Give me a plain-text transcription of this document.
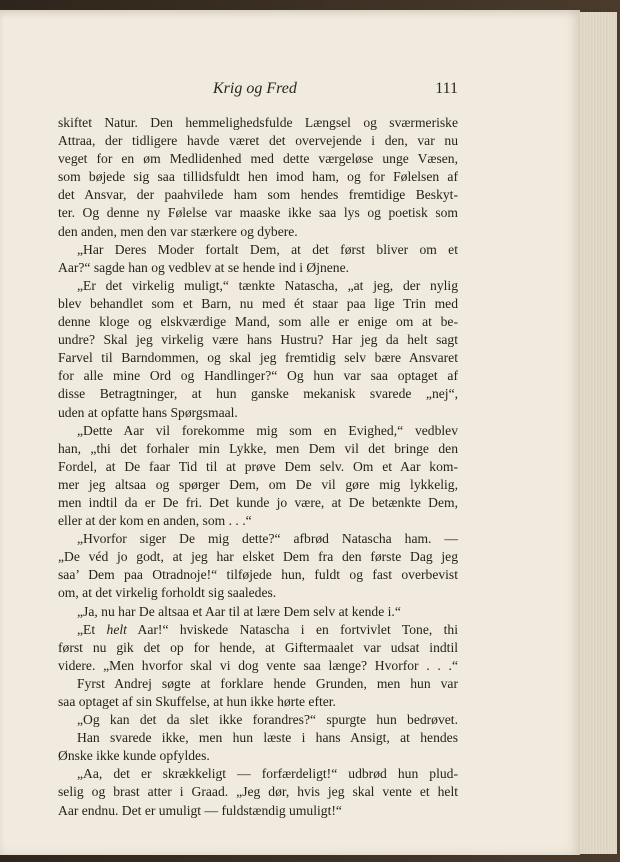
Krig og Fred	111
skiftet Natur. Den hemmelighedsfulde Længsel og sværmeriske
Attraa, der tidligere havde været det overvejende i den, var nu
veget for en øm Medlidenhed med dette værgeløse unge Væsen,
som bøjede sig saa tillidsfuldt hen imod ham, og for Følelsen af
det Ansvar, der paahvilede ham som hendes fremtidige Beskyt-
ter. Og denne ny Følelse var maaske ikke saa lys og poetisk som
den anden, men den var stærkere og dybere.
„Har Deres Moder fortalt Dem, at det først bliver om et
Aar?“ sagde han og vedblev at se hende ind i Øjnene.
„Er det virkelig muligt,“ tænkte Natascha, „at jeg, der nylig
blev behandlet som et Barn, nu med ét staar paa lige Trin med
denne kloge og elskværdige Mand, som alle er enige om at be-
undre? Skal jeg virkelig være hans Hustru? Har jeg da helt sagt
Farvel til Barndommen, og skal jeg fremtidig selv bære Ansvaret
for alle mine Ord og Handlinger?“ Og hun var saa optaget af
disse Betragtninger, at hun ganske mekanisk svarede „nej“,
uden at opfatte hans Spørgsmaal.
„Dette Aar vil forekomme mig som en Evighed,“ vedblev
han, „thi det forhaler min Lykke, men Dem vil det bringe den
Fordel, at De faar Tid til at prøve Dem selv. Om et Aar kom-
mer jeg altsaa og spørger Dem, om De vil gøre mig lykkelig,
men indtil da er De fri. Det kunde jo være, at De betænkte Dem,
eller at der kom en anden, som . . .“
„Hvorfor siger De mig dette?“ afbrød Natascha ham. —
„De véd jo godt, at jeg har elsket Dem fra den første Dag jeg
saa’ Dem paa Otradnoje!“ tilføjede hun, fuldt og fast overbevist
om, at det virkelig forholdt sig saaledes.
„Ja, nu har De altsaa et Aar til at lære Dem selv at kende i.“
„Et helt Aar!“ hviskede Natascha i en fortvivlet Tone, thi
først nu gik det op for hende, at Giftermaalet var udsat indtil
videre. „Men hvorfor skal vi dog vente saa længe? Hvorfor . . .“
Fyrst Andrej søgte at forklare hende Grunden, men hun var
saa optaget af sin Skuffelse, at hun ikke hørte efter.
„Og kan det da slet ikke forandres?“ spurgte hun bedrøvet.
Han svarede ikke, men hun læste i hans Ansigt, at hendes
Ønske ikke kunde opfyldes.
„Aa, det er skrækkeligt — forfærdeligt!“ udbrød hun plud-
selig og brast atter i Graad. „Jeg dør, hvis jeg skal vente et helt
Aar endnu. Det er umuligt — fuldstændig umuligt!“
